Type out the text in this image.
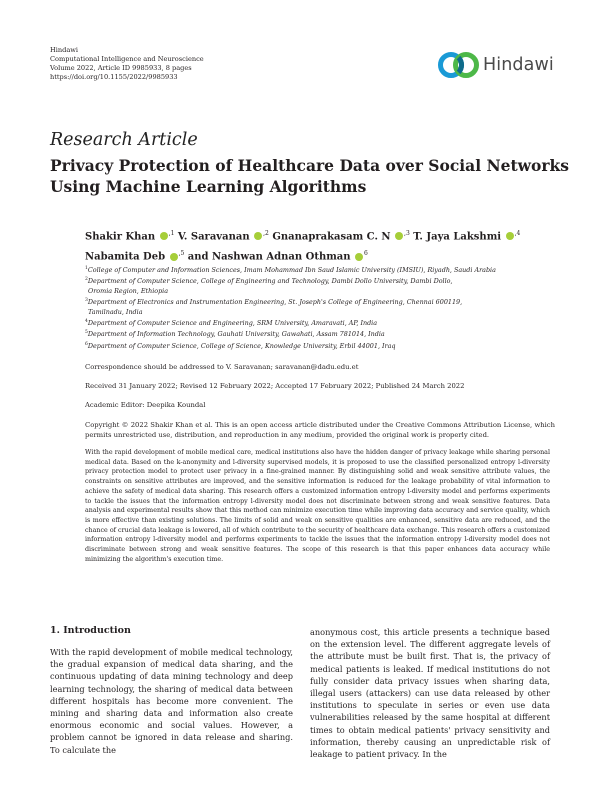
Hindawi
Computational Intelligence and Neuroscience
Volume 2022, Article ID 9985933, 8 pages
https://doi.org/10.1155/2022/9985933
Hindawi
Research Article
Privacy Protection of Healthcare Data over Social Networks Using Machine Learning Algorithms
Shakir Khan $^{,1}$ V. Saravanan $^{,2}$ Gnanaprakasam C. N $^{,3}$ T. Jaya Lakshmi $^{,4}$
Nabamita Deb $^{,5}$ and Nashwan Adnan Othman $^6$
$^1$College of Computer and Information Sciences, Imam Mohammad Ibn Saud Islamic University (IMSIU), Riyadh, Saudi Arabia
$^2$Department of Computer Science, College of Engineering and Technology, Dambi Dollo University, Dambi Dollo,
Oromia Region, Ethiopia
$^3$Department of Electronics and Instrumentation Engineering, St. Joseph's College of Engineering, Chennai 600119,
Tamilnadu, India
$^4$Department of Computer Science and Engineering, SRM University, Amaravati, AP, India
$^5$Department of Information Technology, Gauhati University, Gawahati, Assam 781014, India
$^6$Department of Computer Science, College of Science, Knowledge University, Erbil 44001, Iraq
Correspondence should be addressed to V. Saravanan; saravanan@dadu.edu.et
Received 31 January 2022; Revised 12 February 2022; Accepted 17 February 2022; Published 24 March 2022
Academic Editor: Deepika Koundal
Copyright © 2022 Shakir Khan et al. This is an open access article distributed under the Creative Commons Attribution License, which permits unrestricted use, distribution, and reproduction in any medium, provided the original work is properly cited.
With the rapid development of mobile medical care, medical institutions also have the hidden danger of privacy leakage while sharing personal medical data. Based on the k-anonymity and l-diversity supervised models, it is proposed to use the classified personalized entropy l-diversity privacy protection model to protect user privacy in a fine-grained manner. By distinguishing solid and weak sensitive attribute values, the constraints on sensitive attributes are improved, and the sensitive information is reduced for the leakage probability of vital information to achieve the safety of medical data sharing. This research offers a customized information entropy l-diversity model and performs experiments to tackle the issues that the information entropy l-diversity model does not discriminate between strong and weak sensitive features. Data analysis and experimental results show that this method can minimize execution time while improving data accuracy and service quality, which is more effective than existing solutions. The limits of solid and weak on sensitive qualities are enhanced, sensitive data are reduced, and the chance of crucial data leakage is lowered, all of which contribute to the security of healthcare data exchange. This research offers a customized information entropy l-diversity model and performs experiments to tackle the issues that the information entropy l-diversity model does not discriminate between strong and weak sensitive features. The scope of this research is that this paper enhances data accuracy while minimizing the algorithm's execution time.
1. Introduction
With the rapid development of mobile medical technology, the gradual expansion of medical data sharing, and the continuous updating of data mining technology and deep learning technology, the sharing of medical data between different hospitals has become more convenient. The mining and sharing data and information also create enormous economic and social values. However, a problem cannot be ignored in data release and sharing. To calculate the
anonymous cost, this article presents a technique based on the extension level. The different aggregate levels of the attribute must be built first. That is, the privacy of medical patients is leaked. If medical institutions do not fully consider data privacy issues when sharing data, illegal users (attackers) can use data released by other institutions to speculate in series or even use data vulnerabilities released by the same hospital at different times to obtain medical patients' privacy sensitivity and information, thereby causing an unpredictable risk of leakage to patient privacy. In the
